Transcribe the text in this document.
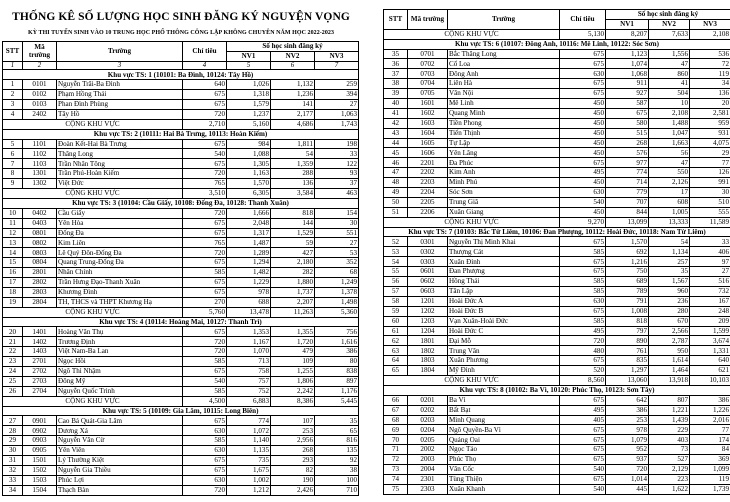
THỐNG KÊ SỐ LƯỢNG HỌC SINH ĐĂNG KÝ NGUYỆN VỌNG
KỲ THI TUYỂN SINH VÀO 10 TRUNG HỌC PHỔ THÔNG CÔNG LẬP KHÔNG CHUYÊN NĂM HỌC 2022-2023
STT	Mã trường	Trường	Chỉ tiêu	Số học sinh đăng ký		
				NV1	NV2	NV3
1	2	3	4	5	6	7
Khu vực TS: 1 (10101: Ba Đình, 10124: Tây Hồ)						
1	0101	Nguyễn Trãi-Ba Đình	640	1,026	1,132	259
2	0102	Phạm Hồng Thái	675	1,318	1,236	394
3	0103	Phan Đình Phùng	675	1,579	141	27
4	2402	Tây Hồ	720	1,237	2,177	1,063
CỘNG KHU VỰC			2,710	5,160	4,686	1,743
Khu vực TS: 2 (10111: Hai Bà Trưng, 10113: Hoàn Kiếm)						
5	1101	Đoàn Kết-Hai Bà Trưng	675	984	1,811	198
6	1102	Thăng Long	540	1,088	54	33
7	1103	Trần Nhân Tông	675	1,305	1,359	122
8	1301	Trần Phú-Hoàn Kiếm	720	1,163	288	93
9	1302	Việt Đức	765	1,570	136	37
CỘNG KHU VỰC			3,510	6,305	3,584	463
Khu vực TS: 3 (10104: Cầu Giấy, 10108: Đống Đa, 10128: Thanh Xuân)						
10	0402	Cầu Giấy	720	1,666	818	154
11	0403	Yên Hòa	675	2,048	144	30
12	0801	Đống Đa	675	1,317	1,529	551
13	0802	Kim Liên	765	1,487	59	27
14	0803	Lê Quý Đôn-Đống Đa	720	1,289	427	53
15	0804	Quang Trung-Đống Đa	675	1,294	2,180	352
16	2801	Nhân Chính	585	1,482	282	68
17	2802	Trần Hưng Đạo-Thanh Xuân	675	1,229	1,880	1,249
18	2803	Khương Đình	675	978	1,737	1,378
19	2804	TH, THCS và THPT Khương Hạ	270	688	2,207	1,498
CỘNG KHU VỰC			5,760	13,478	11,263	5,360
Khu vực TS: 4 (10114: Hoàng Mai, 10127: Thanh Trì)						
20	1401	Hoàng Văn Thụ	675	1,353	1,355	756
21	1402	Trương Định	720	1,167	1,720	1,616
22	1403	Việt Nam-Ba Lan	720	1,070	479	386
23	2701	Ngọc Hồi	585	713	109	80
24	2702	Ngô Thì Nhậm	675	758	1,255	838
25	2703	Đông Mỹ	540	757	1,806	897
26	2704	Nguyễn Quốc Trinh	585	752	2,242	1,176
CỘNG KHU VỰC			4,500	6,883	8,386	5,445
Khu vực TS: 5 (10109: Gia Lâm, 10115: Long Biên)						
27	0901	Cao Bá Quát-Gia Lâm	675	774	107	35
28	0902	Dương Xá	630	1,072	253	65
29	0903	Nguyễn Văn Cừ	585	1,140	2,956	816
30	0905	Yên Viên	630	1,135	268	135
31	1501	Lý Thường Kiệt	675	735	293	92
32	1502	Nguyễn Gia Thiều	675	1,675	82	38
33	1503	Phúc Lợi	630	1,002	190	100
34	1504	Thạch Bàn	720	1,212	2,426	710
STT	Mã trường	Trường	Chỉ tiêu	Số học sinh đăng ký		
				NV1	NV2	NV3
CỘNG KHU VỰC			5,130	8,207	7,633	2,108
Khu vực TS: 6 (10107: Đông Anh, 10116: Mê Linh, 10122: Sóc Sơn)						
35	0701	Bắc Thăng Long	675	1,123	1,556	536
36	0702	Cổ Loa	675	1,074	47	72
37	0703	Đông Anh	630	1,068	860	119
38	0704	Liên Hà	675	911	41	34
39	0705	Vân Nội	675	927	504	136
40	1601	Mê Linh	450	587	10	20
41	1602	Quang Minh	450	675	2,108	2,581
42	1603	Tiền Phong	450	580	1,488	959
43	1604	Tiến Thịnh	450	515	1,047	931
44	1605	Tự Lập	450	268	1,663	4,075
45	1606	Yên Lãng	450	576	56	29
46	2201	Đa Phúc	675	977	47	77
47	2202	Kim Anh	495	774	550	126
48	2203	Minh Phú	450	714	2,126	991
49	2204	Sóc Sơn	630	779	17	30
50	2205	Trung Giã	540	707	608	510
51	2206	Xuân Giang	450	844	1,005	555
CỘNG KHU VỰC			9,270	13,099	13,333	11,589
Khu vực TS: 7 (10103: Bắc Từ Liêm, 10106: Đan Phượng, 10112: Hoài Đức, 10118: Nam Từ Liêm)						
52	0301	Nguyễn Thị Minh Khai	675	1,570	54	33
53	0302	Thượng Cát	585	692	1,134	406
54	0303	Xuân Đỉnh	675	1,216	257	97
55	0601	Đan Phượng	675	750	35	27
56	0602	Hồng Thái	585	689	1,567	516
57	0603	Tân Lập	585	789	960	732
58	1201	Hoài Đức A	630	791	236	167
59	1202	Hoài Đức B	675	1,008	280	248
60	1203	Vạn Xuân-Hoài Đức	585	818	670	209
61	1204	Hoài Đức C	495	797	2,566	1,599
62	1801	Đại Mỗ	720	890	2,787	3,674
63	1802	Trung Văn	480	761	950	1,331
64	1803	Xuân Phương	675	835	1,614	640
65	1804	Mỹ Đình	520	1,297	1,464	621
CỘNG KHU VỰC			8,560	13,060	13,918	10,103
Khu vực TS: 8 (10102: Ba Vì, 10120: Phúc Thọ, 10123: Sơn Tây)						
66	0201	Ba Vì	675	642	807	386
67	0202	Bất Bạt	495	386	1,221	1,226
68	0203	Minh Quang	405	253	1,439	2,016
69	0204	Ngô Quyền-Ba Vì	675	978	229	77
70	0205	Quảng Oai	675	1,079	403	174
71	2002	Ngọc Tảo	675	952	73	84
72	2003	Phúc Thọ	675	937	527	369
73	2004	Vân Cốc	540	720	2,129	1,099
74	2301	Tùng Thiện	675	1,014	223	119
75	2303	Xuân Khanh	540	445	1,622	1,739
